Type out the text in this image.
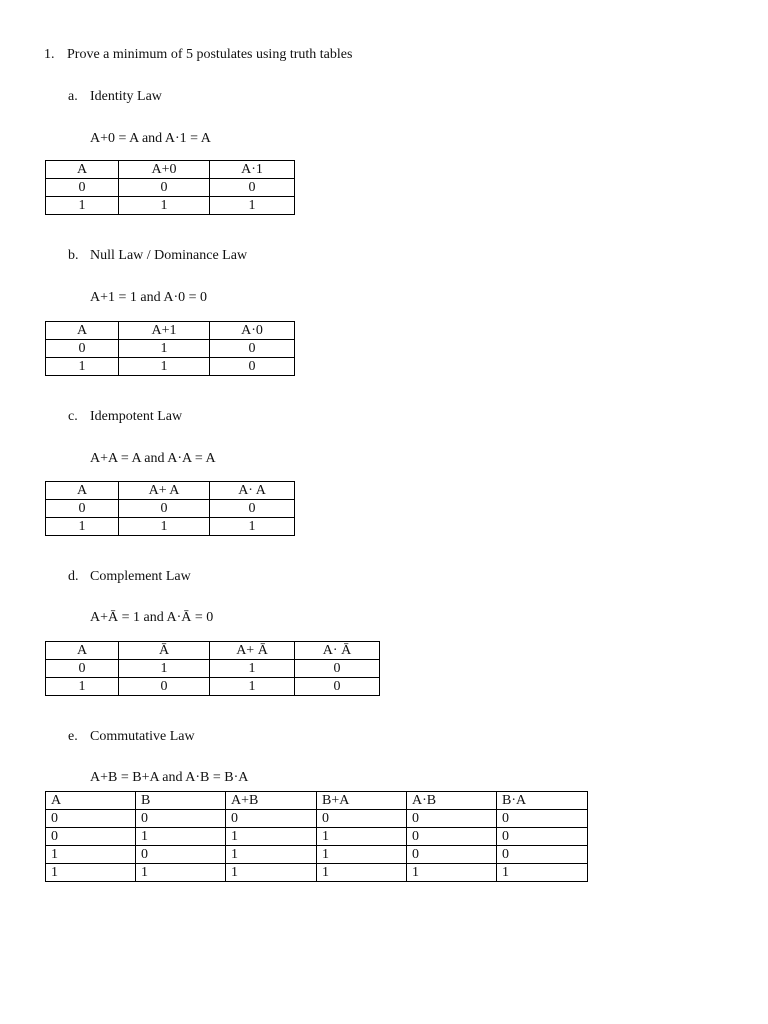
1. Prove a minimum of 5 postulates using truth tables
a. Identity Law
A+0 = A and A·1 = A
A	A+0	A·1
0	0	0
1	1	1
b. Null Law / Dominance Law
A+1 = 1 and A·0 = 0
A	A+1	A·0
0	1	0
1	1	0
c. Idempotent Law
A+A = A and A·A = A
A	A+ A	A· A
0	0	0
1	1	1
d. Complement Law
A+Ā = 1 and A·Ā = 0
A	Ā	A+ Ā	A· Ā
0	1	1	0
1	0	1	0
e. Commutative Law
A+B = B+A and A·B = B·A
A	B	A+B	B+A	A·B	B·A
0	0	0	0	0	0
0	1	1	1	0	0
1	0	1	1	0	0
1	1	1	1	1	1
